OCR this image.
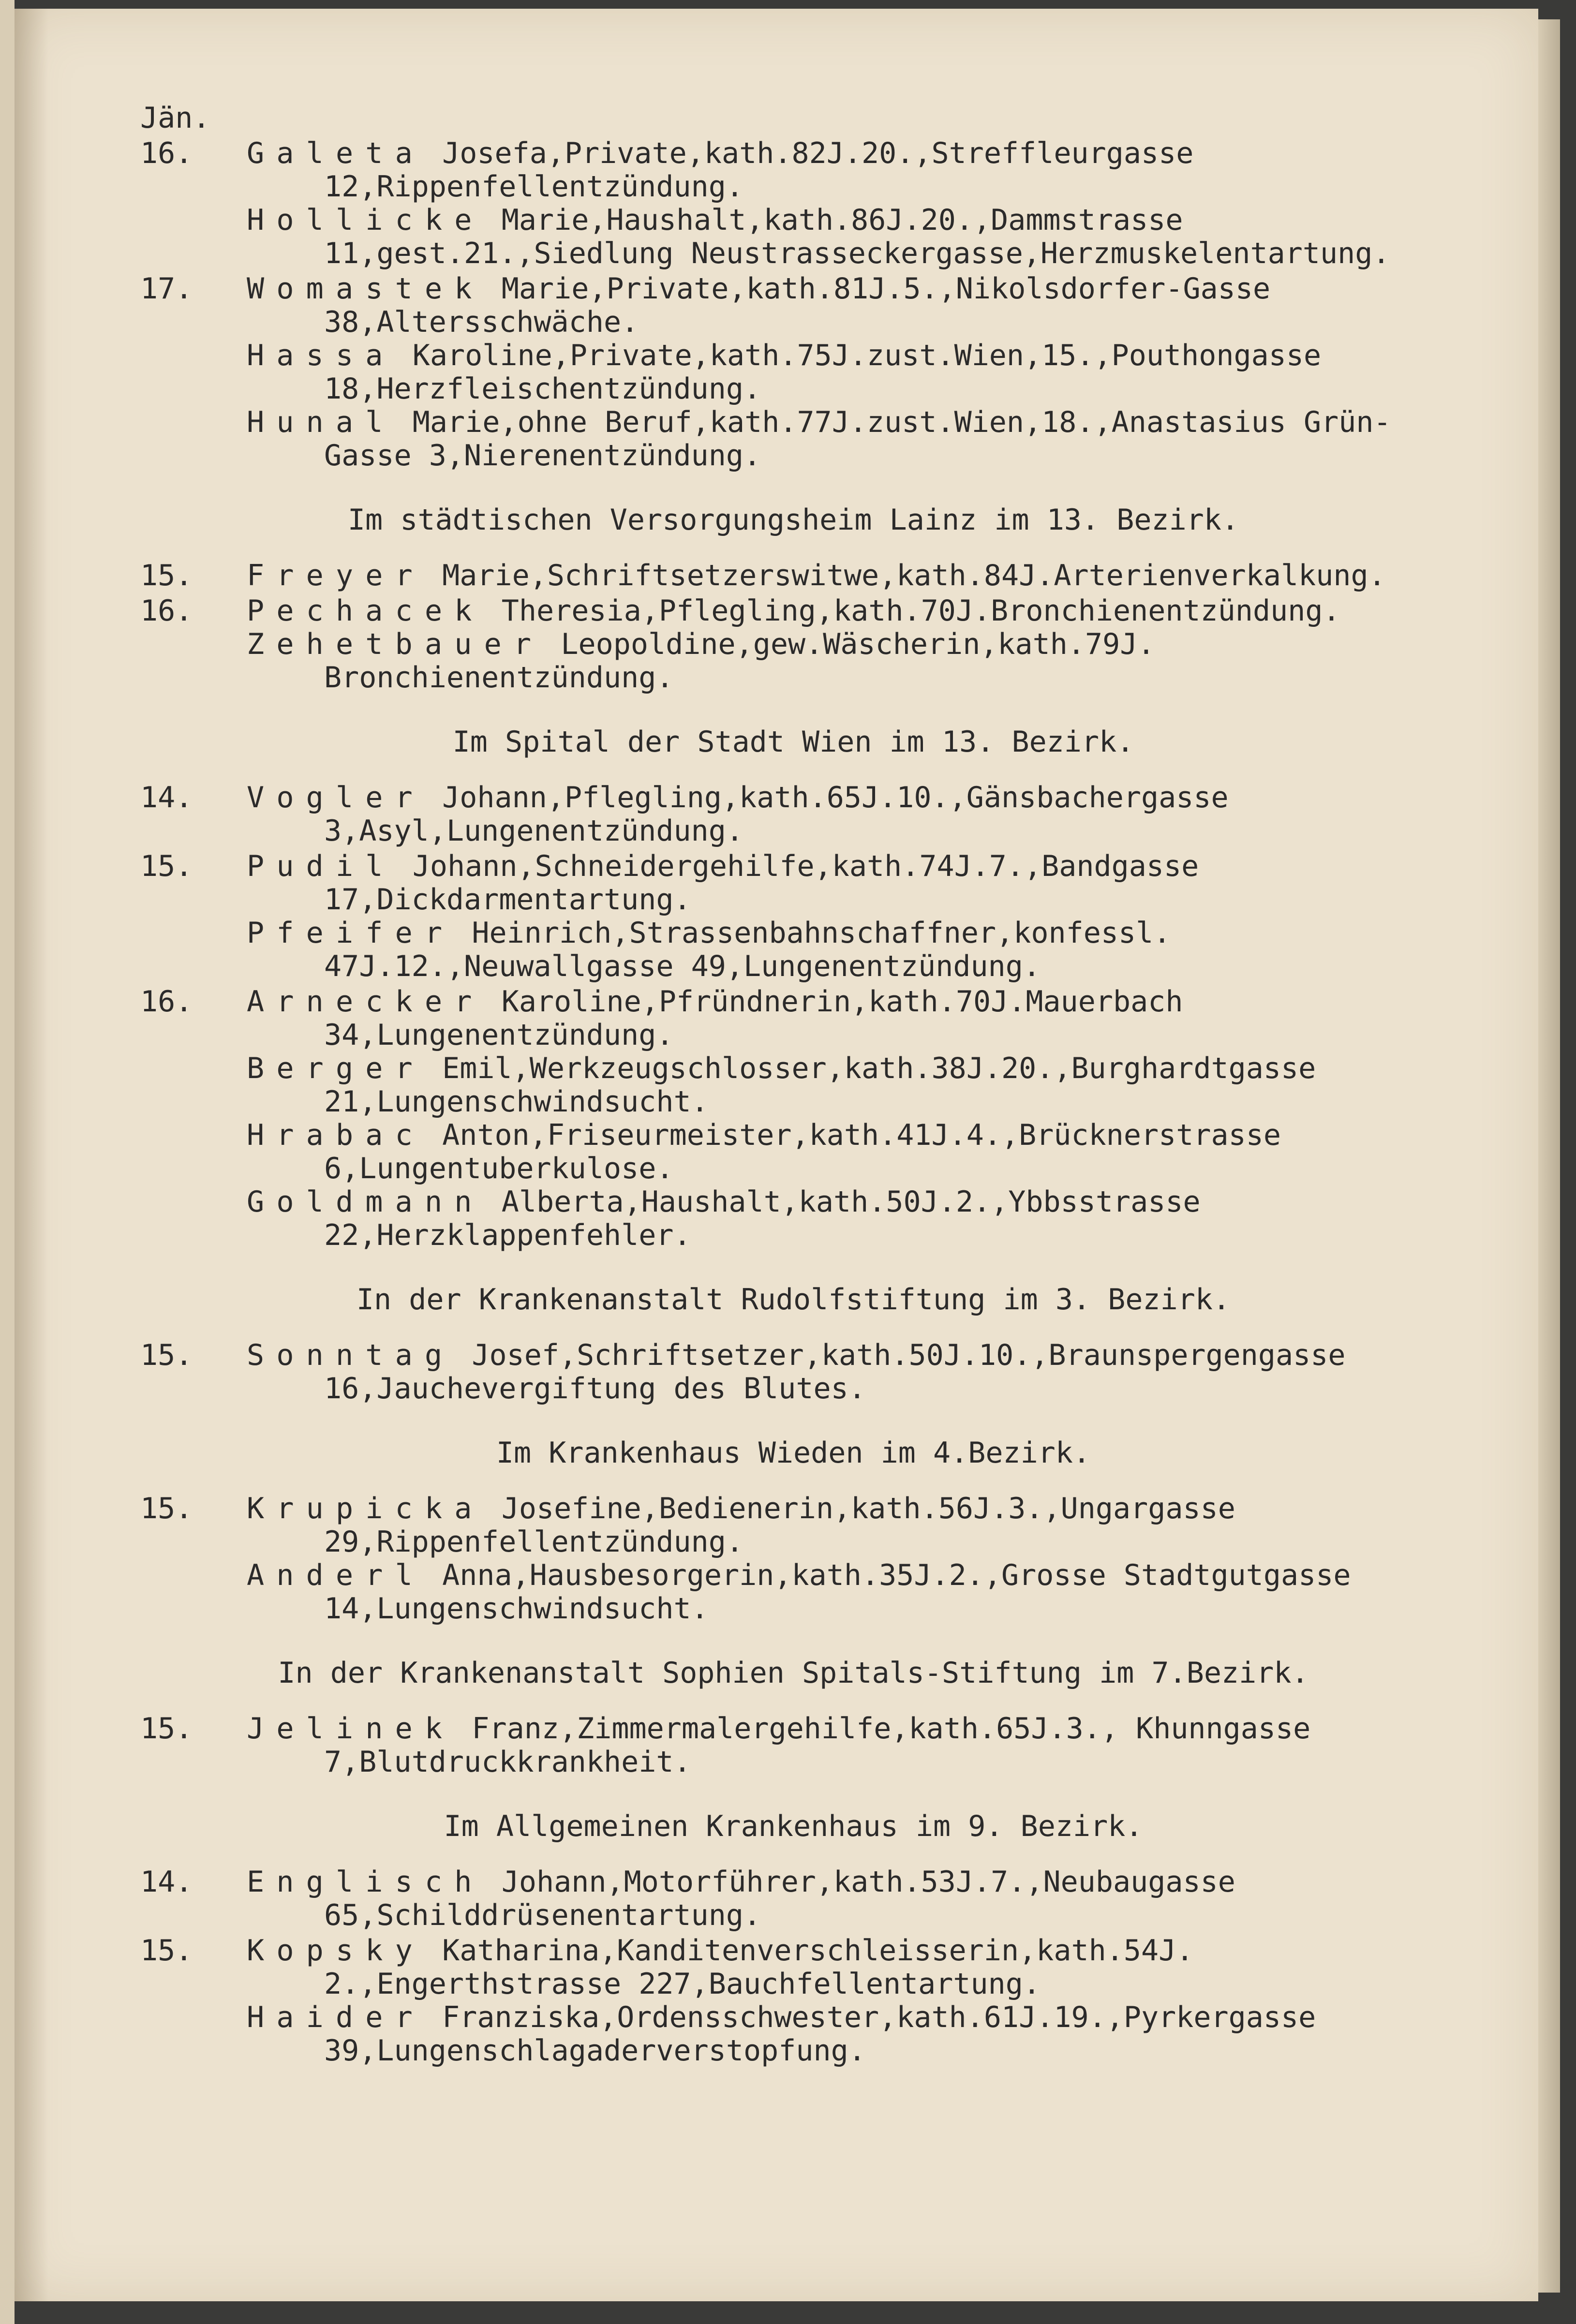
Jän.
16.	Galeta Josefa,Private,kath.82J.20.,Streffleurgasse 12,Rippenfellentzündung.
Hollicke Marie,Haushalt,kath.86J.20.,Dammstrasse 11,gest.21.,Siedlung Neustrasseckergasse,Herzmuskelentartung.
17.	Womastek Marie,Private,kath.81J.5.,Nikolsdorfer-Gasse 38,Altersschwäche.
Hassa Karoline,Private,kath.75J.zust.Wien,15.,Pouthongasse 18,Herzfleischentzündung.
Hunal Marie,ohne Beruf,kath.77J.zust.Wien,18.,Anastasius Grün-Gasse 3,Nierenentzündung.
Im städtischen Versorgungsheim Lainz im 13. Bezirk.
15.	Freyer Marie,Schriftsetzerswitwe,kath.84J.Arterienverkalkung.
16.	Pechacek Theresia,Pflegling,kath.70J.Bronchienentzündung.
Zehetbauer Leopoldine,gew.Wäscherin,kath.79J. Bronchienentzündung.
Im Spital der Stadt Wien im 13. Bezirk.
14.	Vogler Johann,Pflegling,kath.65J.10.,Gänsbachergasse 3,Asyl,Lungenentzündung.
15.	Pudil Johann,Schneidergehilfe,kath.74J.7.,Bandgasse 17,Dickdarmentartung.
Pfeifer Heinrich,Strassenbahnschaffner,konfessl. 47J.12.,Neuwallgasse 49,Lungenentzündung.
16.	Arnecker Karoline,Pfründnerin,kath.70J.Mauerbach 34,Lungenentzündung.
Berger Emil,Werkzeugschlosser,kath.38J.20.,Burghardtgasse 21,Lungenschwindsucht.
Hrabac Anton,Friseurmeister,kath.41J.4.,Brücknerstrasse 6,Lungentuberkulose.
Goldmann Alberta,Haushalt,kath.50J.2.,Ybbsstrasse 22,Herzklappenfehler.
In der Krankenanstalt Rudolfstiftung im 3. Bezirk.
15.	Sonntag Josef,Schriftsetzer,kath.50J.10.,Braunspergengasse 16,Jauchevergiftung des Blutes.
Im Krankenhaus Wieden im 4.Bezirk.
15.	Krupicka Josefine,Bedienerin,kath.56J.3.,Ungargasse 29,Rippenfellentzündung.
Anderl Anna,Hausbesorgerin,kath.35J.2.,Grosse Stadtgutgasse 14,Lungenschwindsucht.
In der Krankenanstalt Sophien Spitals-Stiftung im 7.Bezirk.
15.	Jelinek Franz,Zimmermalergehilfe,kath.65J.3., Khunngasse 7,Blutdruckkrankheit.
Im Allgemeinen Krankenhaus im 9. Bezirk.
14.	Englisch Johann,Motorführer,kath.53J.7.,Neubaugasse 65,Schilddrüsenentartung.
15.	Kopsky Katharina,Kanditenverschleisserin,kath.54J. 2.,Engerthstrasse 227,Bauchfellentartung.
Haider Franziska,Ordensschwester,kath.61J.19.,Pyrkergasse 39,Lungenschlagaderverstopfung.
